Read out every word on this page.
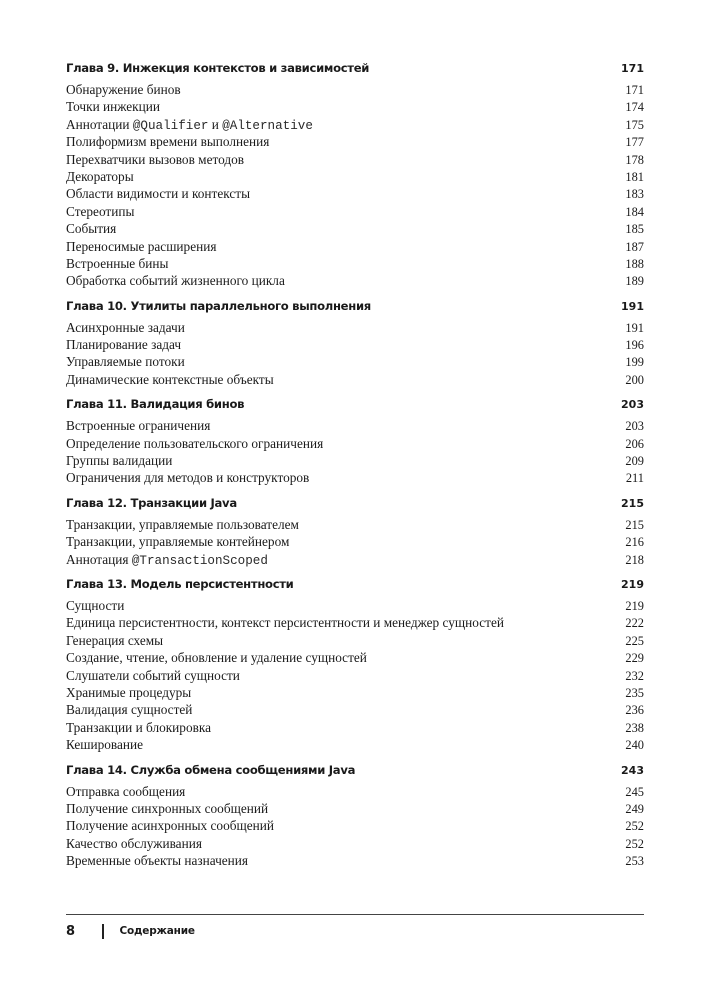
Глава 9. Инжекция контекстов и зависимостей	171
Обнаружение бинов	171
Точки инжекции	174
Аннотации @Qualifier и @Alternative	175
Полиформизм времени выполнения	177
Перехватчики вызовов методов	178
Декораторы	181
Области видимости и контексты	183
Стереотипы	184
События	185
Переносимые расширения	187
Встроенные бины	188
Обработка событий жизненного цикла	189
Глава 10. Утилиты параллельного выполнения	191
Асинхронные задачи	191
Планирование задач	196
Управляемые потоки	199
Динамические контекстные объекты	200
Глава 11. Валидация бинов	203
Встроенные ограничения	203
Определение пользовательского ограничения	206
Группы валидации	209
Ограничения для методов и конструкторов	211
Глава 12. Транзакции Java	215
Транзакции, управляемые пользователем	215
Транзакции, управляемые контейнером	216
Аннотация @TransactionScoped	218
Глава 13. Модель персистентности	219
Сущности	219
Единица персистентности, контекст персистентности и менеджер сущностей	222
Генерация схемы	225
Создание, чтение, обновление и удаление сущностей	229
Слушатели событий сущности	232
Хранимые процедуры	235
Валидация сущностей	236
Транзакции и блокировка	238
Кеширование	240
Глава 14. Служба обмена сообщениями Java	243
Отправка сообщения	245
Получение синхронных сообщений	249
Получение асинхронных сообщений	252
Качество обслуживания	252
Временные объекты назначения	253
8	Содержание
